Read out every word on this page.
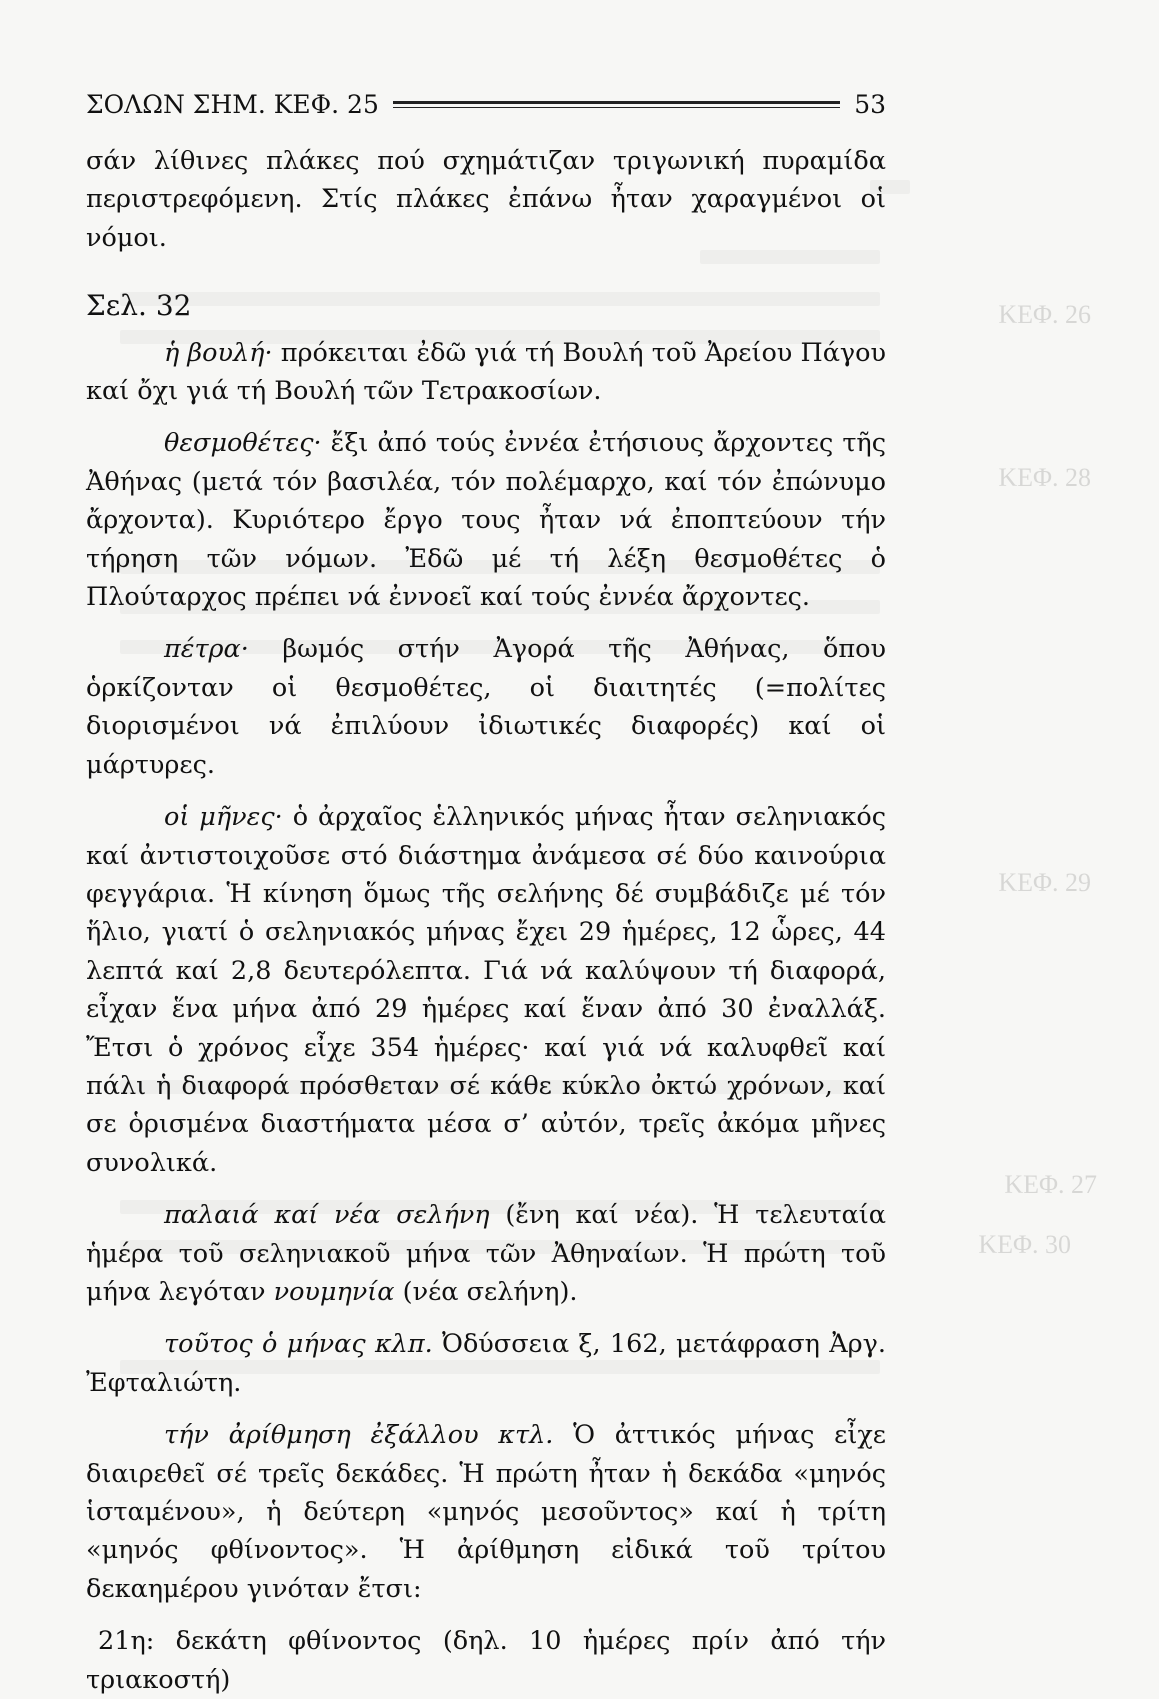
ΚΕΦ. 26
ΚΕΦ. 28
ΚΕΦ. 29
ΚΕΦ. 27
ΚΕΦ. 30
ΣΟΛΩΝ ΣΗΜ. ΚΕΦ. 25	53

σάν λίθινες πλάκες πού σχημάτιζαν τριγωνική πυραμίδα περιστρεφόμενη. Στίς πλάκες ἐπάνω ἦταν χαραγμένοι οἱ νόμοι.

Σελ. 32

ἡ βουλή· πρόκειται ἐδῶ γιά τή Βουλή τοῦ Ἀρείου Πάγου καί ὄχι γιά τή Βουλή τῶν Τετρακοσίων.

θεσμοθέτες· ἔξι ἀπό τούς ἐννέα ἐτήσιους ἄρχοντες τῆς Ἀθήνας (μετά τόν βασιλέα, τόν πολέμαρχο, καί τόν ἐπώνυμο ἄρχοντα). Κυριότερο ἔργο τους ἦταν νά ἐποπτεύουν τήν τήρηση τῶν νόμων. Ἐδῶ μέ τή λέξη θεσμοθέτες ὁ Πλούταρχος πρέπει νά ἐννοεῖ καί τούς ἐννέα ἄρχοντες.

πέτρα· βωμός στήν Ἀγορά τῆς Ἀθήνας, ὅπου ὁρκίζονταν οἱ θεσμοθέτες, οἱ διαιτητές (=πολίτες διορισμένοι νά ἐπιλύουν ἰδιωτικές διαφορές) καί οἱ μάρτυρες.

οἱ μῆνες· ὁ ἀρχαῖος ἑλληνικός μήνας ἦταν σεληνιακός καί ἀντιστοιχοῦσε στό διάστημα ἀνάμεσα σέ δύο καινούρια φεγγάρια. Ἡ κίνηση ὅμως τῆς σελήνης δέ συμβάδιζε μέ τόν ἥλιο, γιατί ὁ σεληνιακός μήνας ἔχει 29 ἡμέρες, 12 ὧρες, 44 λεπτά καί 2,8 δευτερόλεπτα. Γιά νά καλύψουν τή διαφορά, εἶχαν ἕνα μήνα ἀπό 29 ἡμέρες καί ἕναν ἀπό 30 ἐναλλάξ. Ἔτσι ὁ χρόνος εἶχε 354 ἡμέρες· καί γιά νά καλυφθεῖ καί πάλι ἡ διαφορά πρόσθεταν σέ κάθε κύκλο ὀκτώ χρόνων, καί σε ὁρισμένα διαστήματα μέσα σ’ αὐτόν, τρεῖς ἀκόμα μῆνες συνολικά.

παλαιά καί νέα σελήνη (ἔνη καί νέα). Ἡ τελευταία ἡμέρα τοῦ σεληνιακοῦ μήνα τῶν Ἀθηναίων. Ἡ πρώτη τοῦ μήνα λεγόταν νουμηνία (νέα σελήνη).

τοῦτος ὁ μήνας κλπ. Ὀδύσσεια ξ, 162, μετάφραση Ἀργ. Ἐφταλιώτη.

τήν ἀρίθμηση ἐξάλλου κτλ. Ὁ ἀττικός μήνας εἶχε διαιρεθεῖ σέ τρεῖς δεκάδες. Ἡ πρώτη ἦταν ἡ δεκάδα «μηνός ἱσταμένου», ἡ δεύτερη «μηνός μεσοῦντος» καί ἡ τρίτη «μηνός φθίνοντος». Ἡ ἀρίθμηση εἰδικά τοῦ τρίτου δεκαημέρου γινόταν ἔτσι:

21η: δεκάτη φθίνοντος (δηλ. 10 ἡμέρες πρίν ἀπό τήν τριακοστή)
